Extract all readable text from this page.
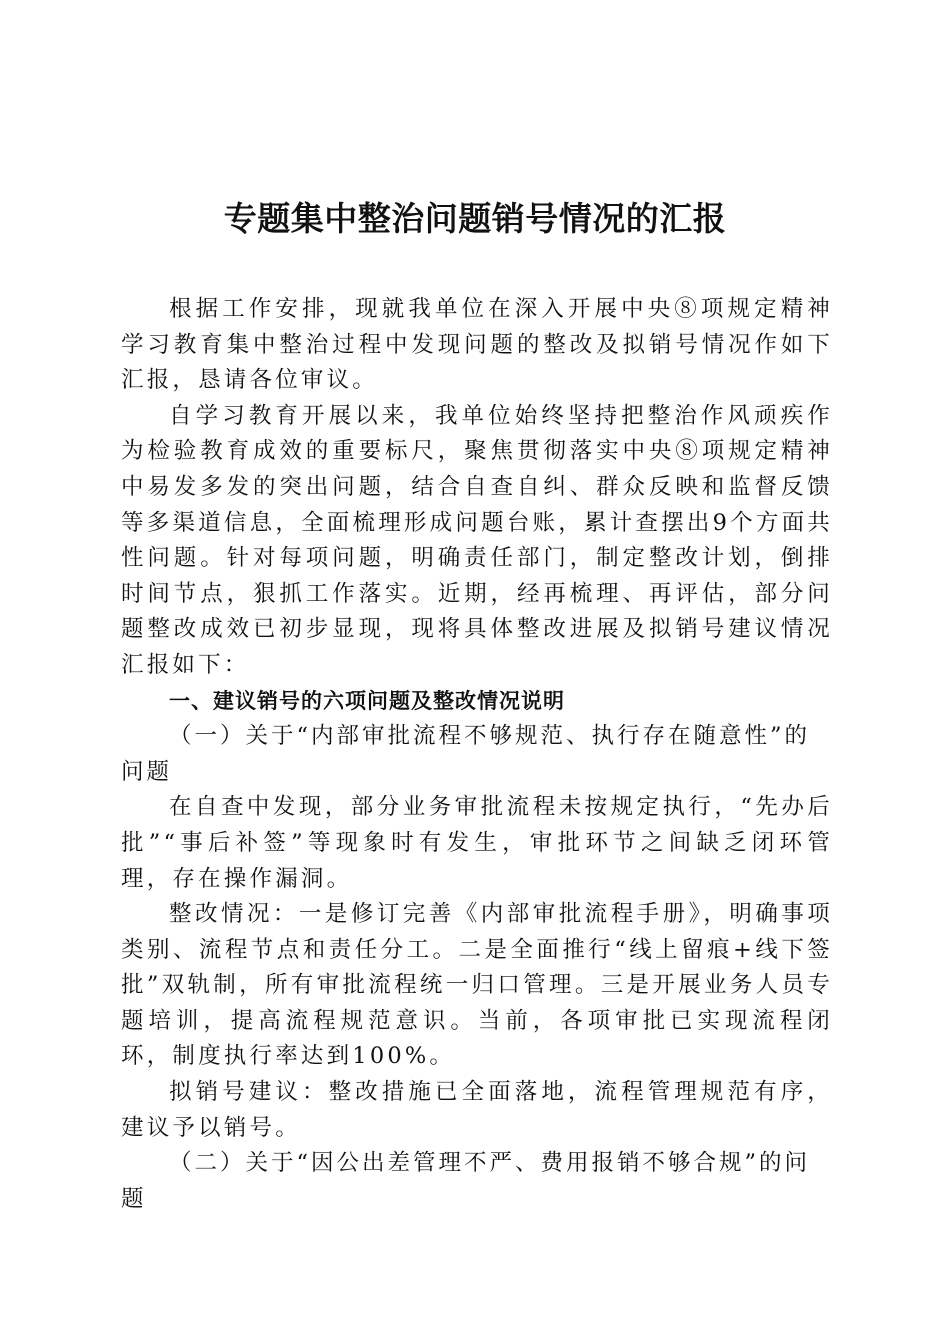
专题集中整治问题销号情况的汇报

根据工作安排，现就我单位在深入开展中央⑧项规定精神学习教育集中整治过程中发现问题的整改及拟销号情况作如下汇报，恳请各位审议。

自学习教育开展以来，我单位始终坚持把整治作风顽疾作为检验教育成效的重要标尺，聚焦贯彻落实中央⑧项规定精神中易发多发的突出问题，结合自查自纠、群众反映和监督反馈等多渠道信息，全面梳理形成问题台账，累计查摆出9个方面共性问题。针对每项问题，明确责任部门，制定整改计划，倒排时间节点，狠抓工作落实。近期，经再梳理、再评估，部分问题整改成效已初步显现，现将具体整改进展及拟销号建议情况汇报如下：

一、建议销号的六项问题及整改情况说明

（一）关于“内部审批流程不够规范、执行存在随意性”的问题

在自查中发现，部分业务审批流程未按规定执行，“先办后批”“事后补签”等现象时有发生，审批环节之间缺乏闭环管理，存在操作漏洞。

整改情况：一是修订完善《内部审批流程手册》，明确事项类别、流程节点和责任分工。二是全面推行“线上留痕+线下签批”双轨制，所有审批流程统一归口管理。三是开展业务人员专题培训，提高流程规范意识。当前，各项审批已实现流程闭环，制度执行率达到100%。

拟销号建议：整改措施已全面落地，流程管理规范有序，建议予以销号。

（二）关于“因公出差管理不严、费用报销不够合规”的问题
